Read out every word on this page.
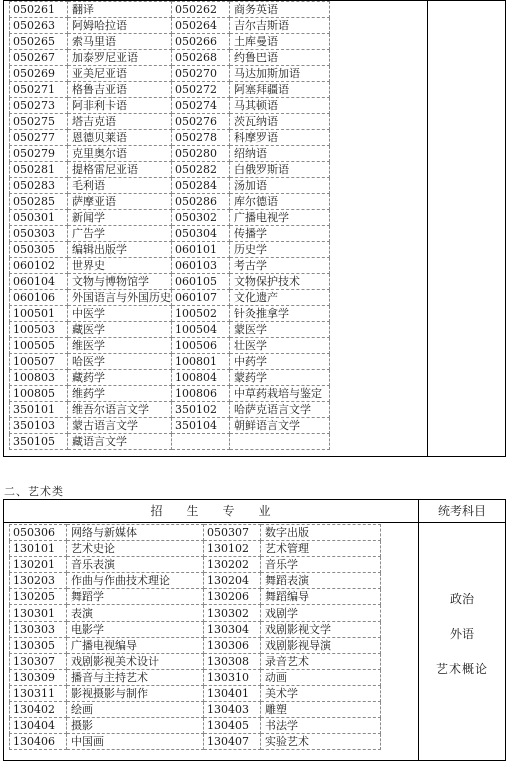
050261	翻译	050262	商务英语
050263	阿姆哈拉语	050264	吉尔吉斯语
050265	索马里语	050266	土库曼语
050267	加泰罗尼亚语	050268	约鲁巴语
050269	亚美尼亚语	050270	马达加斯加语
050271	格鲁吉亚语	050272	阿塞拜疆语
050273	阿非利卡语	050274	马其顿语
050275	塔吉克语	050276	茨瓦纳语
050277	恩德贝莱语	050278	科摩罗语
050279	克里奥尔语	050280	绍纳语
050281	提格雷尼亚语	050282	白俄罗斯语
050283	毛利语	050284	汤加语
050285	萨摩亚语	050286	库尔德语
050301	新闻学	050302	广播电视学
050303	广告学	050304	传播学
050305	编辑出版学	060101	历史学
060102	世界史	060103	考古学
060104	文物与博物馆学	060105	文物保护技术
060106	外国语言与外国历史	060107	文化遗产
100501	中医学	100502	针灸推拿学
100503	藏医学	100504	蒙医学
100505	维医学	100506	壮医学
100507	哈医学	100801	中药学
100803	藏药学	100804	蒙药学
100805	维药学	100806	中草药栽培与鉴定
350101	维吾尔语言文学	350102	哈萨克语言文学
350103	蒙古语言文学	350104	朝鲜语言文学
350105	藏语言文学		
二、艺术类
招　　生　　专　　业	统考科目
050306	网络与新媒体	050307	数字出版
130101	艺术史论	130102	艺术管理
130201	音乐表演	130202	音乐学
130203	作曲与作曲技术理论	130204	舞蹈表演
130205	舞蹈学	130206	舞蹈编导
130301	表演	130302	戏剧学
130303	电影学	130304	戏剧影视文学
130305	广播电视编导	130306	戏剧影视导演
130307	戏剧影视美术设计	130308	录音艺术
130309	播音与主持艺术	130310	动画
130311	影视摄影与制作	130401	美术学
130402	绘画	130403	雕塑
130404	摄影	130405	书法学
130406	中国画	130407	实验艺术
政治
外语
艺术概论
